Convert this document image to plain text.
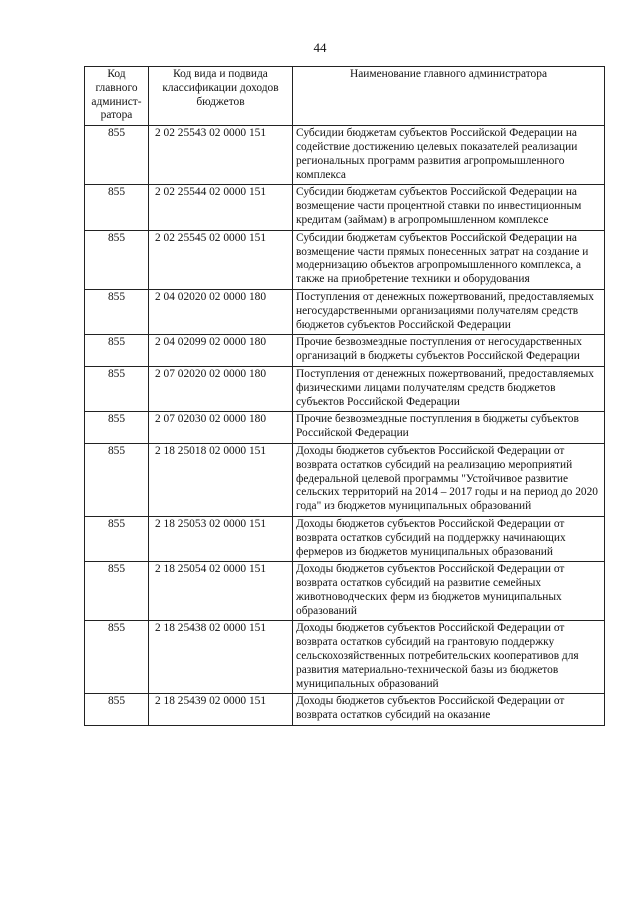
44
Код главного админист-ратора	Код вида и подвида классификации доходов бюджетов	Наименование главного администратора
855	2 02 25543 02 0000 151	Субсидии бюджетам субъектов Российской Федерации на содействие достижению целевых показателей реализации региональных программ развития агропромышленного комплекса
855	2 02 25544 02 0000 151	Субсидии бюджетам субъектов Российской Федерации на возмещение части процентной ставки по инвестиционным кредитам (займам) в агропромышленном комплексе
855	2 02 25545 02 0000 151	Субсидии бюджетам субъектов Российской Федерации на возмещение части прямых понесенных затрат на создание и модернизацию объектов агропромышленного комплекса, а также на приобретение техники и оборудования
855	2 04 02020 02 0000 180	Поступления от денежных пожертвований, предоставляемых негосударственными организациями получателям средств бюджетов субъектов Российской Федерации
855	2 04 02099 02 0000 180	Прочие безвозмездные поступления от негосударственных организаций в бюджеты субъектов Российской Федерации
855	2 07 02020 02 0000 180	Поступления от денежных пожертвований, предоставляемых физическими лицами получателям средств бюджетов субъектов Российской Федерации
855	2 07 02030 02 0000 180	Прочие безвозмездные поступления в бюджеты субъектов Российской Федерации
855	2 18 25018 02 0000 151	Доходы бюджетов субъектов Российской Федерации от возврата остатков субсидий на реализацию мероприятий федеральной целевой программы "Устойчивое развитие сельских территорий на 2014 – 2017 годы и на период до 2020 года" из бюджетов муниципальных образований
855	2 18 25053 02 0000 151	Доходы бюджетов субъектов Российской Федерации от возврата остатков субсидий на поддержку начинающих фермеров из бюджетов муниципальных образований
855	2 18 25054 02 0000 151	Доходы бюджетов субъектов Российской Федерации от возврата остатков субсидий на развитие семейных животноводческих ферм из бюджетов муниципальных образований
855	2 18 25438 02 0000 151	Доходы бюджетов субъектов Российской Федерации от возврата остатков субсидий на грантовую поддержку сельскохозяйственных потребительских кооперативов для развития материально-технической базы из бюджетов муниципальных образований
855	2 18 25439 02 0000 151	Доходы бюджетов субъектов Российской Федерации от возврата остатков субсидий на оказание
